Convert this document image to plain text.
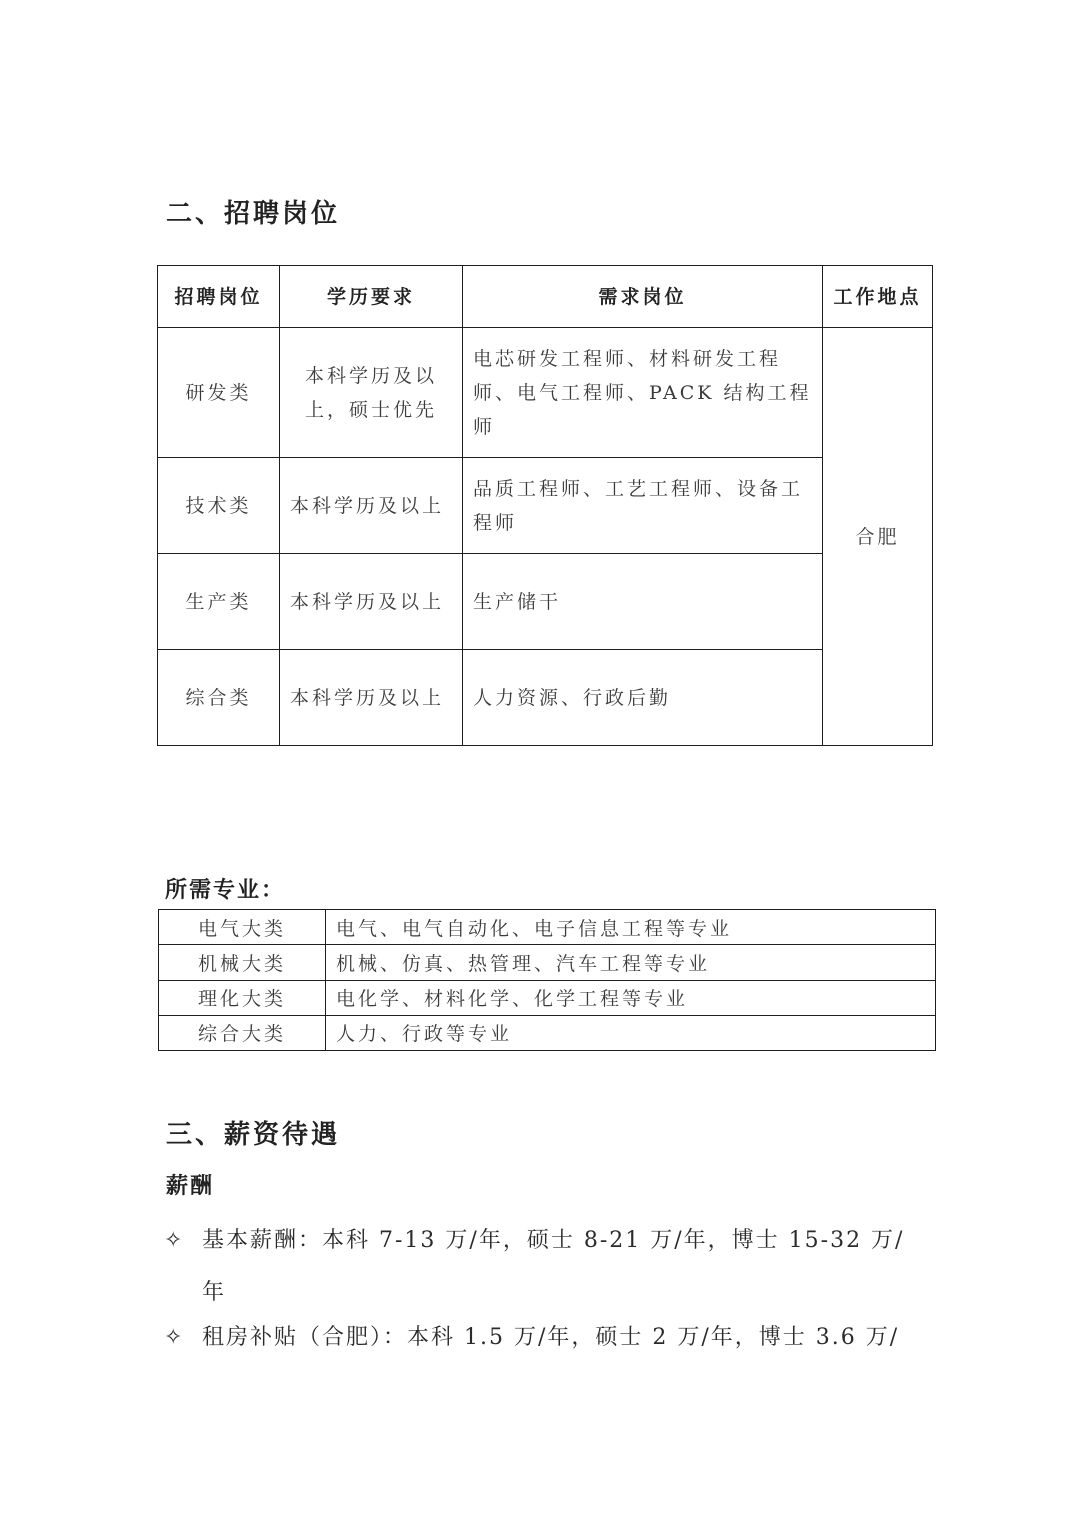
二、招聘岗位
招聘岗位	学历要求	需求岗位	工作地点
研发类	本科学历及以上，硕士优先	电芯研发工程师、材料研发工程师、电气工程师、PACK 结构工程师	合肥
技术类	本科学历及以上	品质工程师、工艺工程师、设备工程师	
生产类	本科学历及以上	生产储干	
综合类	本科学历及以上	人力资源、行政后勤	
所需专业：
电气大类	电气、电气自动化、电子信息工程等专业
机械大类	机械、仿真、热管理、汽车工程等专业
理化大类	电化学、材料化学、化学工程等专业
综合大类	人力、行政等专业
三、薪资待遇
薪酬
✧ 基本薪酬：本科 7-13 万/年，硕士 8-21 万/年，博士 15-32 万/年
✧ 租房补贴（合肥）：本科 1.5 万/年，硕士 2 万/年，博士 3.6 万/
